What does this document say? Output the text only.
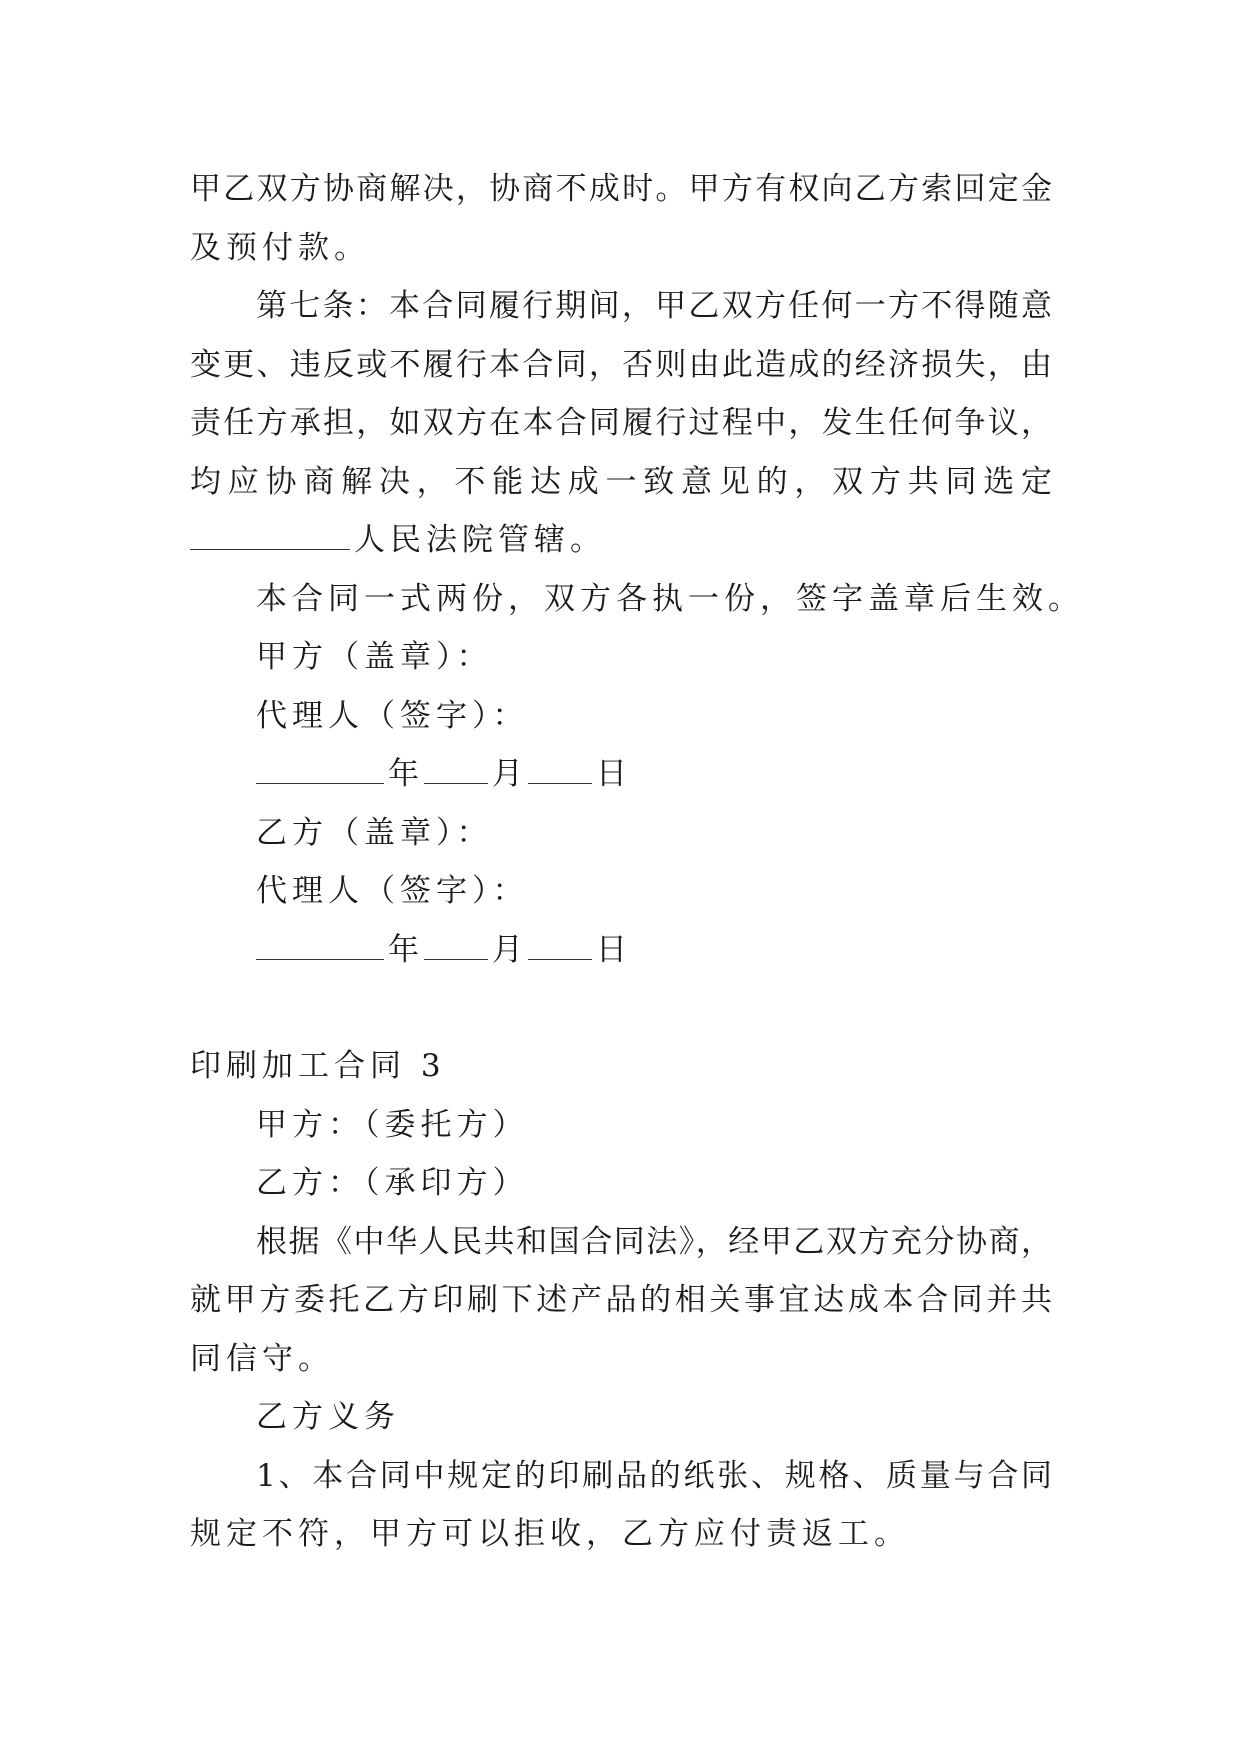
甲乙双方协商解决，协商不成时。甲方有权向乙方索回定金
及预付款。
第七条：本合同履行期间，甲乙双方任何一方不得随意
变更、违反或不履行本合同，否则由此造成的经济损失，由
责任方承担，如双方在本合同履行过程中，发生任何争议，
均应协商解决，不能达成一致意见的，双方共同选定
人民法院管辖。
本合同一式两份，双方各执一份，签字盖章后生效。
甲方（盖章）：
代理人（签字）：
年 月 日
乙方（盖章）：
代理人（签字）：
年 月 日
印刷加工合同 3
甲方：（委托方）
乙方：（承印方）
根据《中华人民共和国合同法》，经甲乙双方充分协商，
就甲方委托乙方印刷下述产品的相关事宜达成本合同并共
同信守。
乙方义务
1、本合同中规定的印刷品的纸张、规格、质量与合同
规定不符，甲方可以拒收，乙方应付责返工。
